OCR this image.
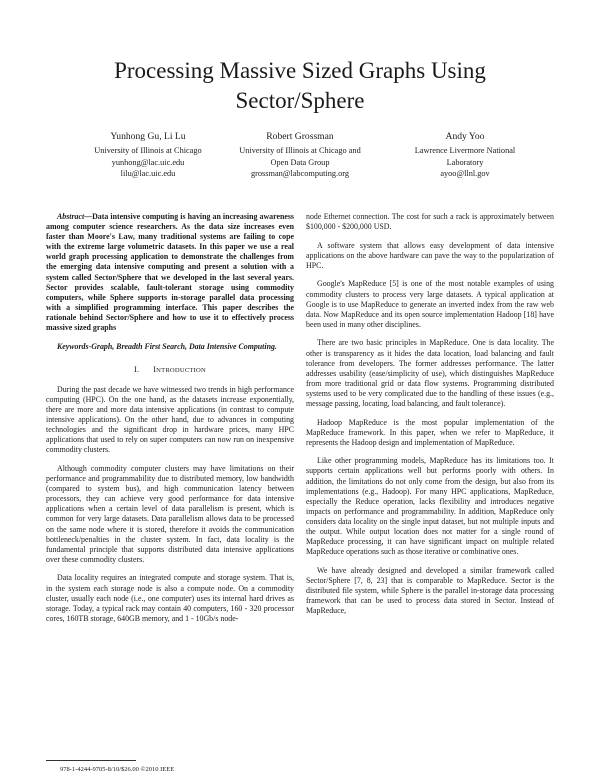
Processing Massive Sized Graphs Using
Sector/Sphere
Yunhong Gu, Li Lu
University of Illinois at Chicago
yunhong@lac.uic.edu
lilu@lac.uic.edu
Robert Grossman
University of Illinois at Chicago and
Open Data Group
grossman@labcomputing.org
Andy Yoo
Lawrence Livermore National
Laboratory
ayoo@llnl.gov

Abstract—Data intensive computing is having an increasing awareness among computer science researchers. As the data size increases even faster than Moore's Law, many traditional systems are failing to cope with the extreme large volumetric datasets. In this paper we use a real world graph processing application to demonstrate the challenges from the emerging data intensive computing and present a solution with a system called Sector/Sphere that we developed in the last several years. Sector provides scalable, fault-tolerant storage using commodity computers, while Sphere supports in-storage parallel data processing with a simplified programming interface. This paper describes the rationale behind Sector/Sphere and how to use it to effectively process massive sized graphs

Keywords-Graph, Breadth First Search, Data Intensive Computing.

I. INTRODUCTION

During the past decade we have witnessed two trends in high performance computing (HPC). On the one hand, as the datasets increase exponentially, there are more and more data intensive applications (in contrast to compute intensive applications). On the other hand, due to advances in computing technologies and the significant drop in hardware prices, many HPC applications that used to rely on super computers can now run on inexpensive commodity clusters.

Although commodity computer clusters may have limitations on their performance and programmability due to distributed memory, low bandwidth (compared to system bus), and high communication latency between processors, they can achieve very good performance for data intensive applications when a certain level of data parallelism is present, which is common for very large datasets. Data parallelism allows data to be processed on the same node where it is stored, therefore it avoids the communication bottleneck/penalties in the cluster system. In fact, data locality is the fundamental principle that supports distributed data intensive applications over these commodity clusters.

Data locality requires an integrated compute and storage system. That is, in the system each storage node is also a compute node. On a commodity cluster, usually each node (i.e., one computer) uses its internal hard drives as storage. Today, a typical rack may contain 40 computers, 160 - 320 processor cores, 160TB storage, 640GB memory, and 1 - 10Gb/s node-

node Ethernet connection. The cost for such a rack is approximately between $100,000 - $200,000 USD.

A software system that allows easy development of data intensive applications on the above hardware can pave the way to the popularization of HPC.

Google's MapReduce [5] is one of the most notable examples of using commodity clusters to process very large datasets. A typical application at Google is to use MapReduce to generate an inverted index from the raw web data. Now MapReduce and its open source implementation Hadoop [18] have been used in many other disciplines.

There are two basic principles in MapReduce. One is data locality. The other is transparency as it hides the data location, load balancing and fault tolerance from developers. The former addresses performance. The latter addresses usability (ease/simplicity of use), which distinguishes MapReduce from more traditional grid or data flow systems. Programming distributed systems used to be very complicated due to the handling of these issues (e.g., message passing, locating, load balancing, and fault tolerance).

Hadoop MapReduce is the most popular implementation of the MapReduce framework. In this paper, when we refer to MapReduce, it represents the Hadoop design and implementation of MapReduce.

Like other programming models, MapReduce has its limitations too. It supports certain applications well but performs poorly with others. In addition, the limitations do not only come from the design, but also from its implementations (e.g., Hadoop). For many HPC applications, MapReduce, especially the Reduce operation, lacks flexibility and introduces negative impacts on performance and programmability. In addition, MapReduce only considers data locality on the single input dataset, but not multiple inputs and the output. While output location does not matter for a single round of MapReduce processing, it can have significant impact on multiple related MapReduce operations such as those iterative or combinative ones.

We have already designed and developed a similar framework called Sector/Sphere [7, 8, 23] that is comparable to MapReduce. Sector is the distributed file system, while Sphere is the parallel in-storage data processing framework that can be used to process data stored in Sector. Instead of MapReduce,

978-1-4244-9705-8/10/$26.00 ©2010 IEEE
